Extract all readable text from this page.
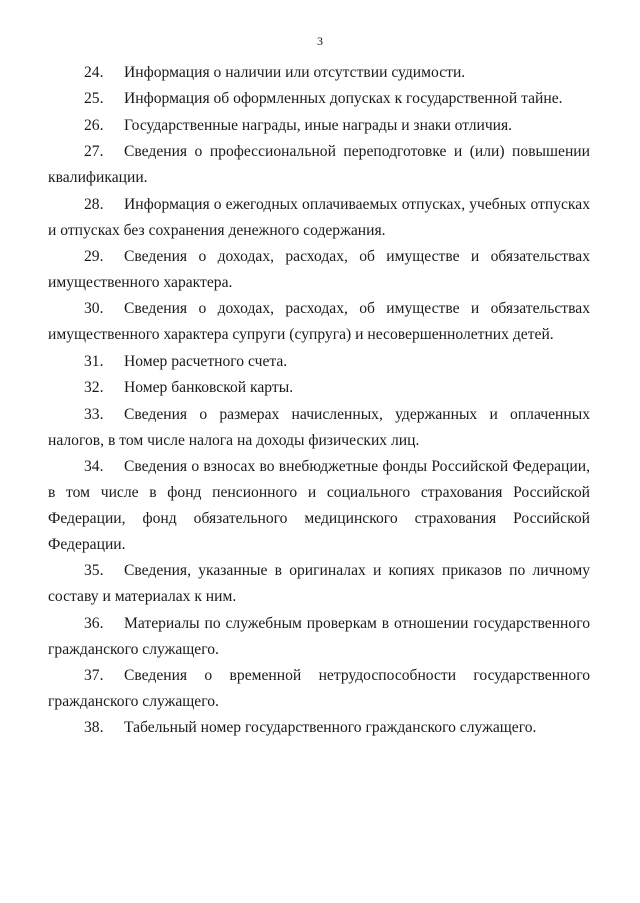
3

24. Информация о наличии или отсутствии судимости.

25. Информация об оформленных допусках к государственной тайне.

26. Государственные награды, иные награды и знаки отличия.

27. Сведения о профессиональной переподготовке и (или) повышении квалификации.

28. Информация о ежегодных оплачиваемых отпусках, учебных отпусках и отпусках без сохранения денежного содержания.

29. Сведения о доходах, расходах, об имуществе и обязательствах имущественного характера.

30. Сведения о доходах, расходах, об имуществе и обязательствах имущественного характера супруги (супруга) и несовершеннолетних детей.

31. Номер расчетного счета.

32. Номер банковской карты.

33. Сведения о размерах начисленных, удержанных и оплаченных налогов, в том числе налога на доходы физических лиц.

34. Сведения о взносах во внебюджетные фонды Российской Федерации, в том числе в фонд пенсионного и социального страхования Российской Федерации, фонд обязательного медицинского страхования Российской Федерации.

35. Сведения, указанные в оригиналах и копиях приказов по личному составу и материалах к ним.

36. Материалы по служебным проверкам в отношении государственного гражданского служащего.

37. Сведения о временной нетрудоспособности государственного гражданского служащего.

38. Табельный номер государственного гражданского служащего.
